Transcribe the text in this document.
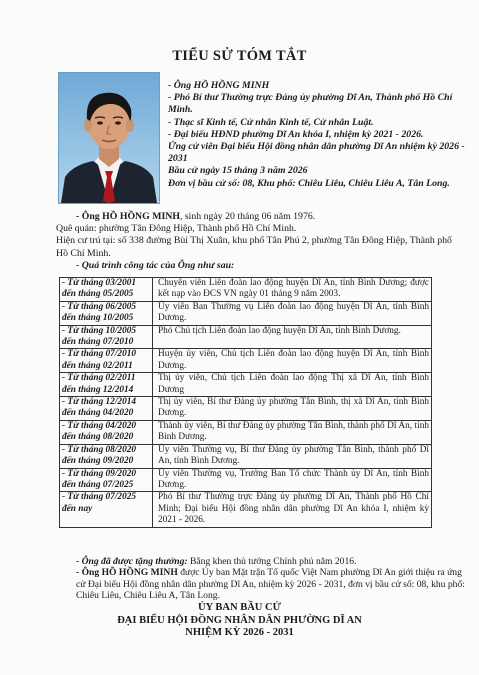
TIỂU SỬ TÓM TẮT
- Ông HỒ HỒNG MINH
- Phó Bí thư Thường trực Đảng ủy phường Dĩ An, Thành phố Hồ Chí Minh.
- Thạc sĩ Kinh tế, Cử nhân Kinh tế, Cử nhân Luật.
- Đại biểu HĐND phường Dĩ An khóa I, nhiệm kỳ 2021 - 2026.
Ứng cử viên Đại biểu Hội đồng nhân dân phường Dĩ An nhiệm kỳ 2026 - 2031
Bầu cử ngày 15 tháng 3 năm 2026
Đơn vị bầu cử số: 08, Khu phố: Chiêu Liêu, Chiêu Liêu A, Tân Long.

- Ông HỒ HỒNG MINH, sinh ngày 20 tháng 06 năm 1976.

Quê quán: phường Tân Đông Hiệp, Thành phố Hồ Chí Minh.

Hiện cư trú tại: số 338 đường Bùi Thị Xuân, khu phố Tân Phú 2, phường Tân Đông Hiệp, Thành phố Hồ Chí Minh.

- Quá trình công tác của Ông như sau:

- Từ tháng 03/2001
đến tháng 05/2005	Chuyên viên Liên đoàn lao động huyện Dĩ An, tỉnh Bình Dương; được kết nạp vào ĐCS VN ngày 01 tháng 9 năm 2003.

- Từ tháng 06/2005
đến tháng 10/2005	Ủy viên Ban Thường vụ Liên đoàn lao động huyện Dĩ An, tỉnh Bình Dương.

- Từ tháng 10/2005
đến tháng 07/2010	Phó Chủ tịch Liên đoàn lao động huyện Dĩ An, tỉnh Bình Dương.

- Từ tháng 07/2010
đến tháng 02/2011	Huyện ủy viên, Chủ tịch Liên đoàn lao động huyện Dĩ An, tỉnh Bình Dương.

- Từ tháng 02/2011
đến tháng 12/2014	Thị ủy viên, Chủ tịch Liên đoàn lao động Thị xã Dĩ An, tỉnh Bình Dương

- Từ tháng 12/2014
đến tháng 04/2020	Thị ủy viên, Bí thư Đảng ủy phường Tân Bình, thị xã Dĩ An, tỉnh Bình Dương.

- Từ tháng 04/2020
đến tháng 08/2020	Thành ủy viên, Bí thư Đảng ủy phường Tân Bình, thành phố Dĩ An, tỉnh Bình Dương.

- Từ tháng 08/2020
đến tháng 09/2020	Ủy viên Thường vụ, Bí thư Đảng ủy phường Tân Bình, thành phố Dĩ An, tỉnh Bình Dương.

- Từ tháng 09/2020
đến tháng 07/2025	Ủy viên Thường vụ, Trưởng Ban Tổ chức Thành ủy Dĩ An, tỉnh Bình Dương.

- Từ tháng 07/2025
đến nay	Phó Bí thư Thường trực Đảng ủy phường Dĩ An, Thành phố Hồ Chí Minh; Đại biểu Hội đồng nhân dân phường Dĩ An khóa I, nhiệm kỳ 2021 - 2026.

- Ông đã được tặng thưởng: Bằng khen thủ tướng Chính phủ năm 2016.

- Ông HỒ HỒNG MINH được Ủy ban Mặt trận Tổ quốc Việt Nam phường Dĩ An giới thiệu ra ứng cử Đại biểu Hội đồng nhân dân phường Dĩ An, nhiệm kỳ 2026 - 2031, đơn vị bầu cử số: 08, khu phố: Chiêu Liêu, Chiêu Liêu A, Tân Long.

ỦY BAN BẦU CỬ
ĐẠI BIỂU HỘI ĐỒNG NHÂN DÂN PHƯỜNG DĨ AN
NHIỆM KỲ 2026 - 2031
